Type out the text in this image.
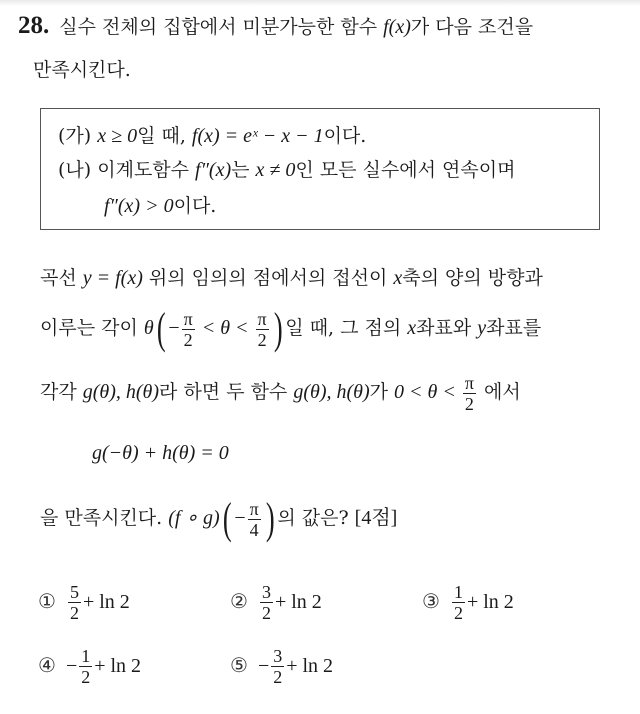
28. 실수 전체의 집합에서 미분가능한 함수 f(x)가 다음 조건을
만족시킨다.
(가) x ≥ 0일 때, f(x) = eˣ − x − 1이다.
(나) 이계도함수 f″(x)는 x ≠ 0인 모든 실수에서 연속이며
f″(x) > 0이다.
곡선 y = f(x) 위의 임의의 점에서의 접선이 x축의 양의 방향과
이루는 각이 $\theta( - \frac{\pi}{2} < \theta < \frac{\pi}{2}$ ) 일 때, 그 점의 x좌표와 y좌표를
각각 g(θ), h(θ)라 하면 두 함수 g(θ), h(θ)가 $0 < \theta < \frac{\pi}{2}$ 에서
g(−θ) + h(θ) = 0
을 만족시킨다. (f ∘ $g)( - \frac{\pi}{4}$ ) 의 값은? [4점]
① $\frac{5}{2} + \ln 2$	② $\frac{3}{2} + \ln 2$	③ $\frac{1}{2} + \ln 2$
④ − $\frac{1}{2} + \ln 2$	⑤ − $\frac{3}{2} + \ln 2$
